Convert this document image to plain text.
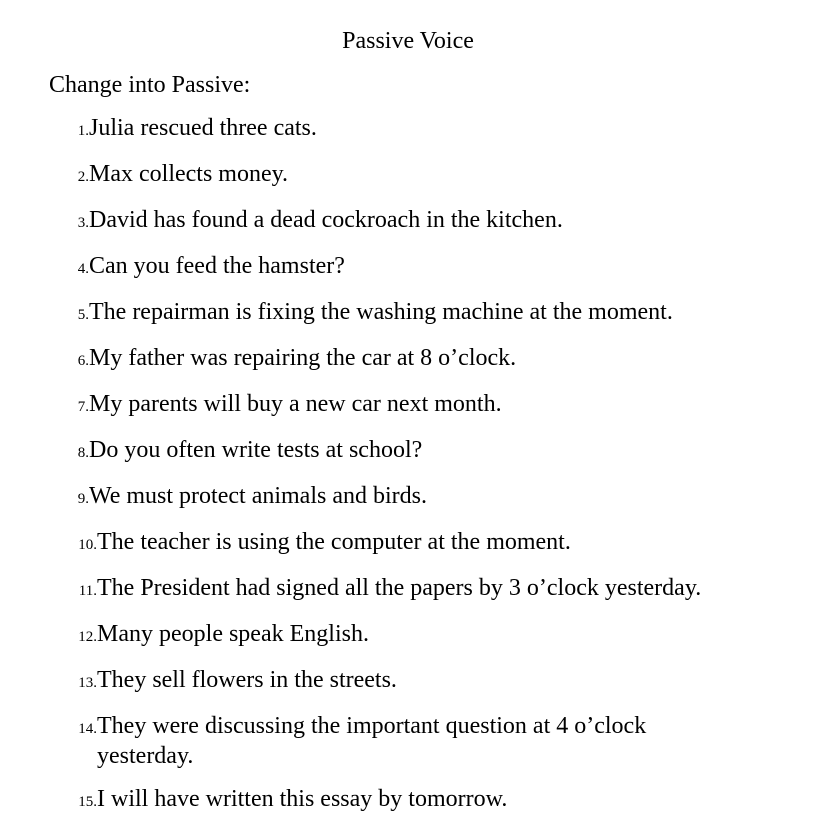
Passive Voice
Change into Passive:
1. Julia rescued three cats.
2. Max collects money.
3. David has found a dead cockroach in the kitchen.
4. Can you feed the hamster?
5. The repairman is fixing the washing machine at the moment.
6. My father was repairing the car at 8 o’clock.
7. My parents will buy a new car next month.
8. Do you often write tests at school?
9. We must protect animals and birds.
10. The teacher is using the computer at the moment.
11. The President had signed all the papers by 3 o’clock yesterday.
12. Many people speak English.
13. They sell flowers in the streets.
14. They were discussing the important question at 4 o’clock yesterday.
15. I will have written this essay by tomorrow.
